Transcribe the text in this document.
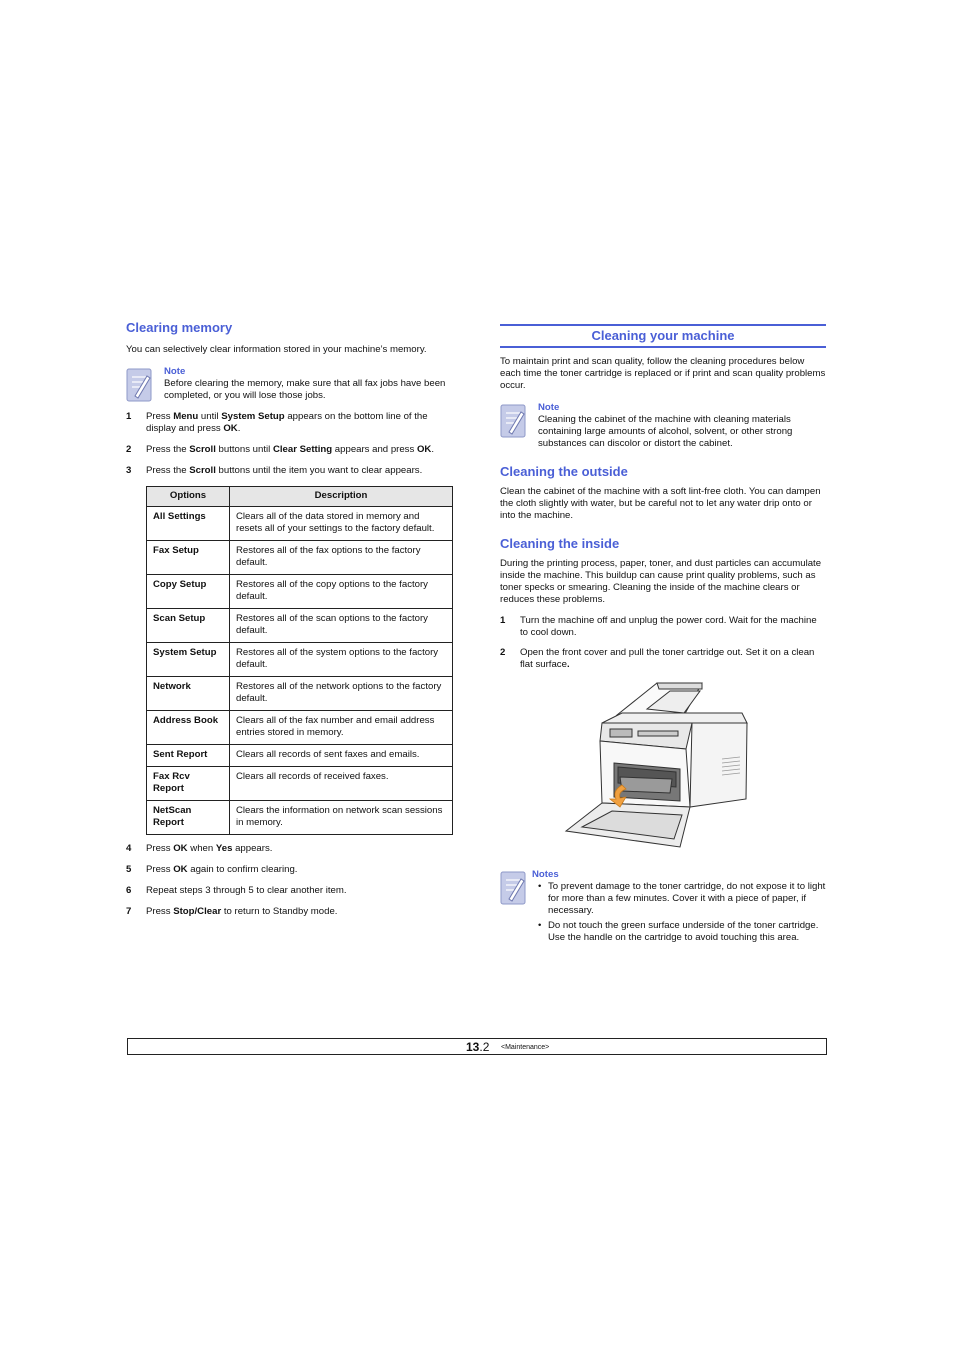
Clearing memory

You can selectively clear information stored in your machine’s memory.

Note
Before clearing the memory, make sure that all fax jobs have been completed, or you will lose those jobs.
1 Press Menu until System Setup appears on the bottom line of the display and press OK.
2 Press the Scroll buttons until Clear Setting appears and press OK.
3 Press the Scroll buttons until the item you want to clear appears.
Options	Description
All Settings	Clears all of the data stored in memory and resets all of your settings to the factory default.
Fax Setup	Restores all of the fax options to the factory default.
Copy Setup	Restores all of the copy options to the factory default.
Scan Setup	Restores all of the scan options to the factory default.
System Setup	Restores all of the system options to the factory default.
Network	Restores all of the network options to the factory default.
Address Book	Clears all of the fax number and email address entries stored in memory.
Sent Report	Clears all records of sent faxes and emails.
Fax Rcv Report	Clears all records of received faxes.
NetScan Report	Clears the information on network scan sessions in memory.
4 Press OK when Yes appears.
5 Press OK again to confirm clearing.
6 Repeat steps 3 through 5 to clear another item.
7 Press Stop/Clear to return to Standby mode.
Cleaning your machine

To maintain print and scan quality, follow the cleaning procedures below each time the toner cartridge is replaced or if print and scan quality problems occur.

Note
Cleaning the cabinet of the machine with cleaning materials containing large amounts of alcohol, solvent, or other strong substances can discolor or distort the cabinet.
Cleaning the outside

Clean the cabinet of the machine with a soft lint-free cloth. You can dampen the cloth slightly with water, but be careful not to let any water drip onto or into the machine.

Cleaning the inside

During the printing process, paper, toner, and dust particles can accumulate inside the machine. This buildup can cause print quality problems, such as toner specks or smearing. Cleaning the inside of the machine clears or reduces these problems.

1 Turn the machine off and unplug the power cord. Wait for the machine to cool down.
2 Open the front cover and pull the toner cartridge out. Set it on a clean flat surface.
Notes
• To prevent damage to the toner cartridge, do not expose it to light for more than a few minutes. Cover it with a piece of paper, if necessary.
• Do not touch the green surface underside of the toner cartridge. Use the handle on the cartridge to avoid touching this area.
13.2 <Maintenance>
